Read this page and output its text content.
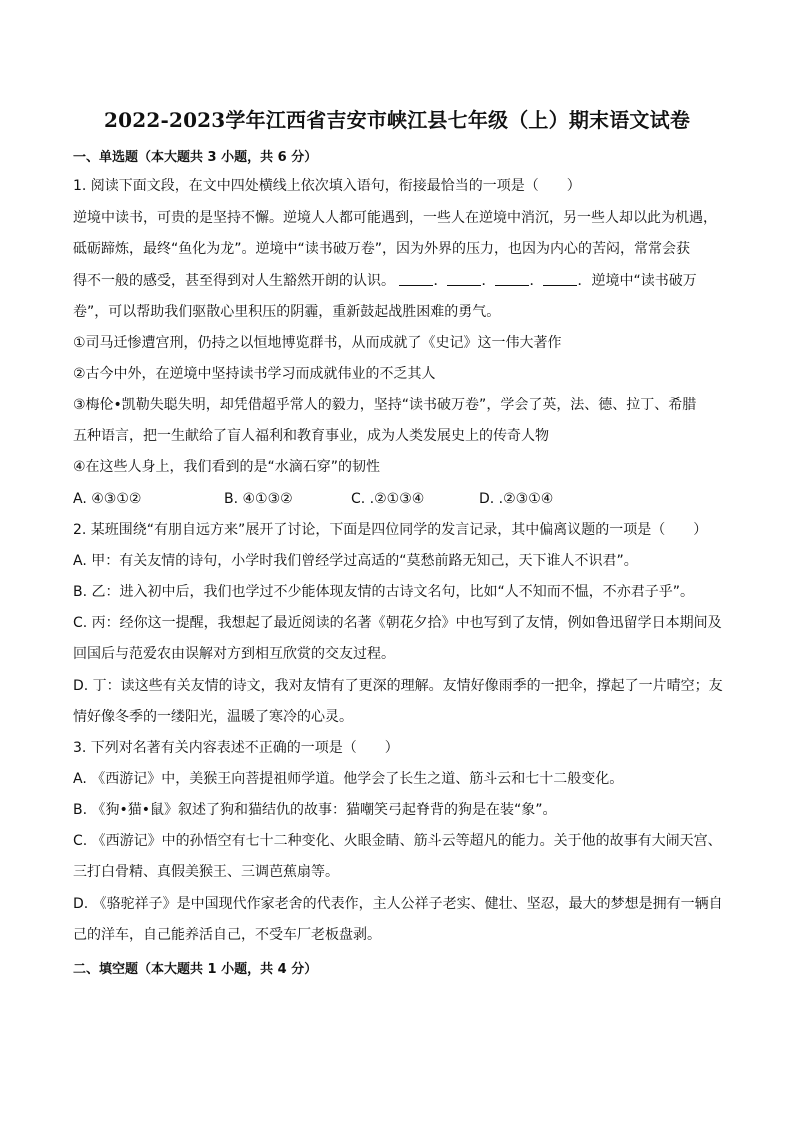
2022-2023学年江西省吉安市峡江县七年级（上）期末语文试卷
一、单选题（本大题共 3 小题，共 6 分）
1. 阅读下面文段，在文中四处横线上依次填入语句，衔接最恰当的一项是（　　）
逆境中读书，可贵的是坚持不懈。逆境人人都可能遇到，一些人在逆境中消沉，另一些人却以此为机遇，
砥砺蹄炼，最终“鱼化为龙”。逆境中“读书破万卷”，因为外界的压力，也因为内心的苦闷，常常会获
得不一般的感受，甚至得到对人生豁然开朗的认识。	． ． ． ．逆境中“读书破万
卷”，可以帮助我们驱散心里积压的阴霾，重新鼓起战胜困难的勇气。
①司马迁惨遭宫刑，仍持之以恒地博览群书，从而成就了《史记》这一伟大著作
②古今中外，在逆境中坚持读书学习而成就伟业的不乏其人
③梅伦•凯勒失聪失明，却凭借超乎常人的毅力，坚持“读书破万卷”，学会了英，法、德、拉丁、希腊
五种语言，把一生献给了盲人福利和教育事业，成为人类发展史上的传奇人物
④在这些人身上，我们看到的是“水滴石穿”的韧性
A. ④③①②	B. ④①③②	C. .②①③④	D. .②③①④
2. 某班围绕“有朋自远方来”展开了讨论，下面是四位同学的发言记录，其中偏离议题的一项是（　　）
A. 甲：有关友情的诗句，小学时我们曾经学过高适的“莫愁前路无知己，天下谁人不识君”。
B. 乙：进入初中后，我们也学过不少能体现友情的古诗文名句，比如“人不知而不愠，不亦君子乎”。
C. 丙：经你这一提醒，我想起了最近阅读的名著《朝花夕拾》中也写到了友情，例如鲁迅留学日本期间及
回国后与范爱农由误解对方到相互欣赏的交友过程。
D. 丁：读这些有关友情的诗文，我对友情有了更深的理解。友情好像雨季的一把伞，撑起了一片晴空；友
情好像冬季的一缕阳光，温暖了寒冷的心灵。
3. 下列对名著有关内容表述不正确的一项是（　　）
A. 《西游记》中，美猴王向菩提祖师学道。他学会了长生之道、筋斗云和七十二般变化。
B. 《狗•猫•鼠》叙述了狗和猫结仇的故事：猫嘲笑弓起脊背的狗是在装“象”。
C. 《西游记》中的孙悟空有七十二种变化、火眼金睛、筋斗云等超凡的能力。关于他的故事有大闹天宫、
三打白骨精、真假美猴王、三调芭蕉扇等。
D. 《骆驼祥子》是中国现代作家老舍的代表作，主人公祥子老实、健壮、坚忍，最大的梦想是拥有一辆自
己的洋车，自己能养活自己，不受车厂老板盘剥。
二、填空题（本大题共 1 小题，共 4 分）
